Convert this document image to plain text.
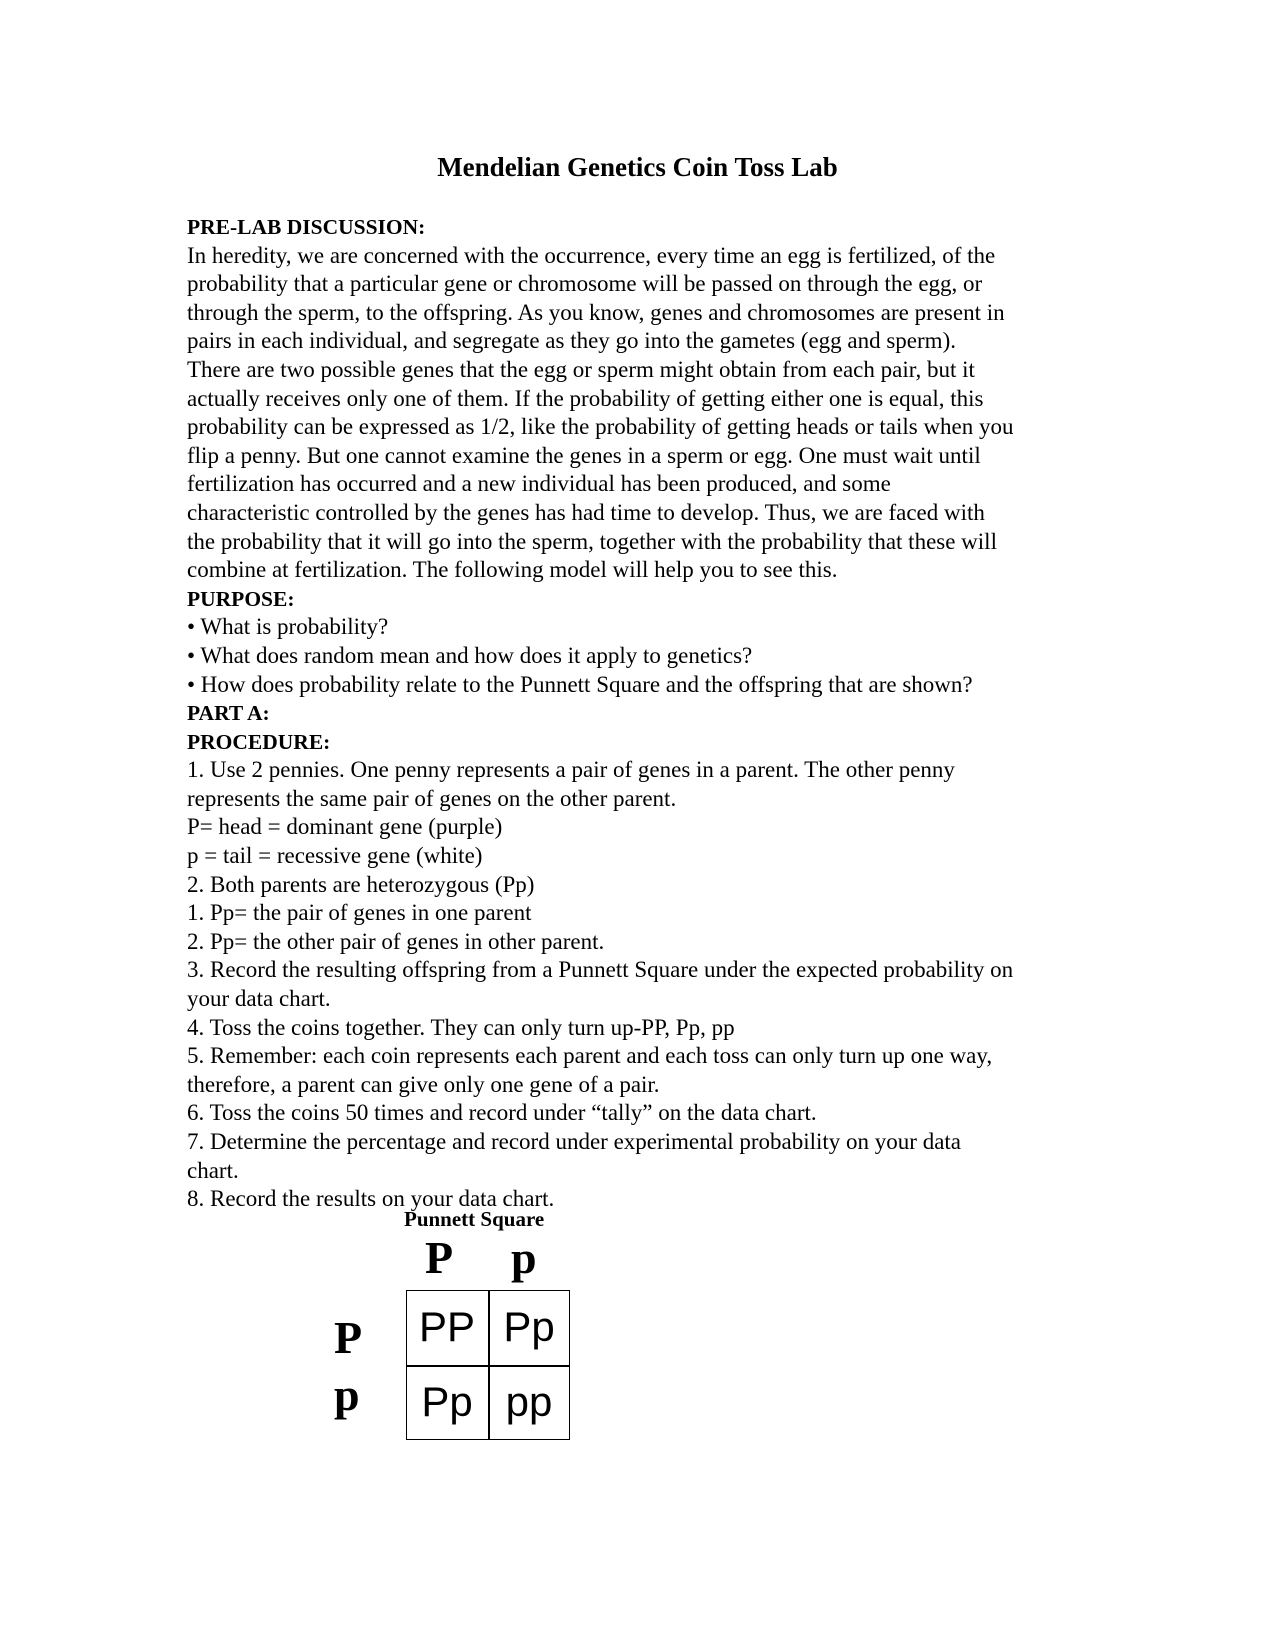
Mendelian Genetics Coin Toss Lab
PRE-LAB DISCUSSION:
In heredity, we are concerned with the occurrence, every time an egg is fertilized, of the
probability that a particular gene or chromosome will be passed on through the egg, or
through the sperm, to the offspring. As you know, genes and chromosomes are present in
pairs in each individual, and segregate as they go into the gametes (egg and sperm).
There are two possible genes that the egg or sperm might obtain from each pair, but it
actually receives only one of them. If the probability of getting either one is equal, this
probability can be expressed as 1/2, like the probability of getting heads or tails when you
flip a penny. But one cannot examine the genes in a sperm or egg. One must wait until
fertilization has occurred and a new individual has been produced, and some
characteristic controlled by the genes has had time to develop. Thus, we are faced with
the probability that it will go into the sperm, together with the probability that these will
combine at fertilization. The following model will help you to see this.
PURPOSE:
• What is probability?
• What does random mean and how does it apply to genetics?
• How does probability relate to the Punnett Square and the offspring that are shown?
PART A:
PROCEDURE:
1. Use 2 pennies. One penny represents a pair of genes in a parent. The other penny
represents the same pair of genes on the other parent.
P= head = dominant gene (purple)
p = tail = recessive gene (white)
2. Both parents are heterozygous (Pp)
1. Pp= the pair of genes in one parent
2. Pp= the other pair of genes in other parent.
3. Record the resulting offspring from a Punnett Square under the expected probability on
your data chart.
4. Toss the coins together. They can only turn up-PP, Pp, pp
5. Remember: each coin represents each parent and each toss can only turn up one way,
therefore, a parent can give only one gene of a pair.
6. Toss the coins 50 times and record under “tally” on the data chart.
7. Determine the percentage and record under experimental probability on your data
chart.
8. Record the results on your data chart.
Punnett Square
P p
P
p
PP Pp
Pp pp
